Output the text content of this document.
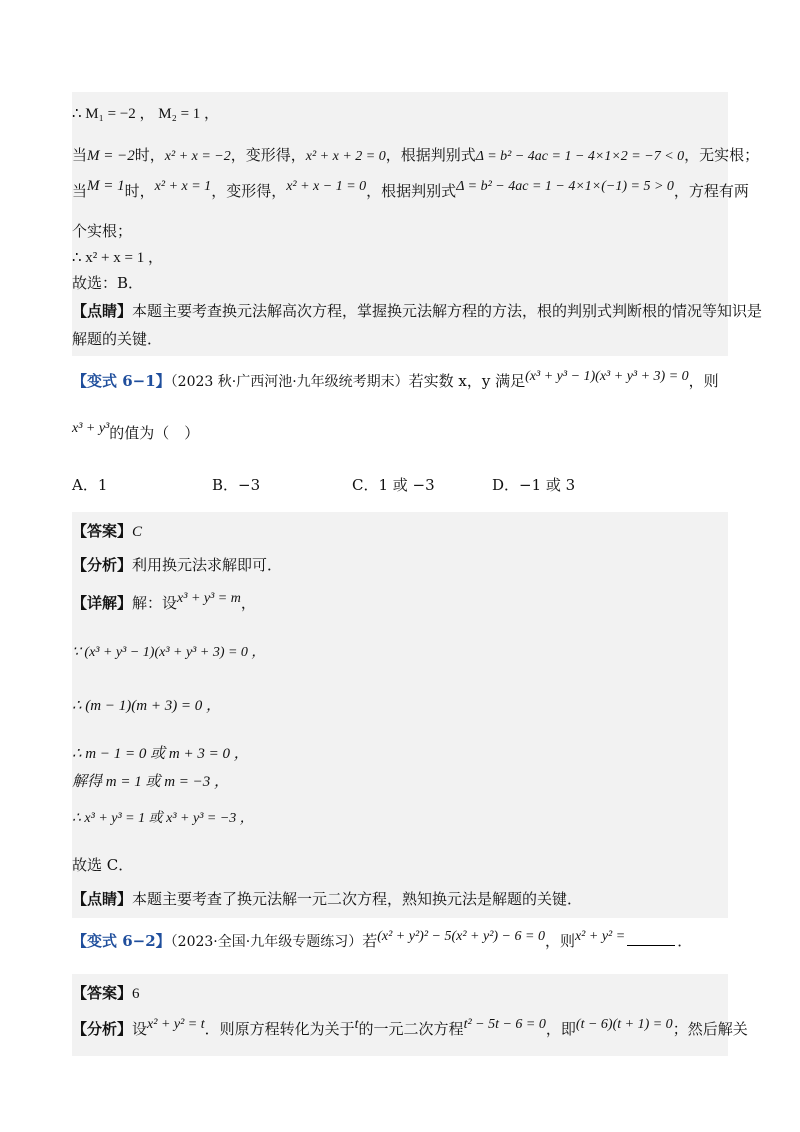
∴ M₁ = −2 ， M₂ = 1 ，
当M = −2时，x² + x = −2，变形得，x² + x + 2 = 0，根据判别式Δ = b² − 4ac = 1 − 4×1×2 = −7 < 0，无实根；
当M = 1时，x² + x = 1，变形得，x² + x − 1 = 0，根据判别式Δ = b² − 4ac = 1 − 4×1×(−1) = 5 > 0，方程有两
个实根；
∴ x² + x = 1 ，
故选：B．
【点睛】本题主要考查换元法解高次方程，掌握换元法解方程的方法，根的判别式判断根的情况等知识是
解题的关键．
【变式 6−1】（2023 秋·广西河池·九年级统考期末）若实数 x，y 满足(x³ + y³ − 1)(x³ + y³ + 3) = 0，则
x³ + y³的值为（　）
A．1	B．−3	C．1 或 −3	D．−1 或 3
【答案】C
【分析】利用换元法求解即可．
【详解】解：设x³ + y³ = m，
∵ (x³ + y³ − 1)(x³ + y³ + 3) = 0 ，
∴ (m − 1)(m + 3) = 0 ，
∴ m − 1 = 0 或 m + 3 = 0 ，
解得 m = 1 或 m = −3 ，
∴ x³ + y³ = 1 或 x³ + y³ = −3 ，
故选 C．
【点睛】本题主要考查了换元法解一元二次方程，熟知换元法是解题的关键．
【变式 6−2】（2023·全国·九年级专题练习）若(x² + y²)² − 5(x² + y²) − 6 = 0，则x² + y² =	．
【答案】6
【分析】设x² + y² = t．则原方程转化为关于t的一元二次方程t² − 5t − 6 = 0，即(t − 6)(t + 1) = 0；然后解关
